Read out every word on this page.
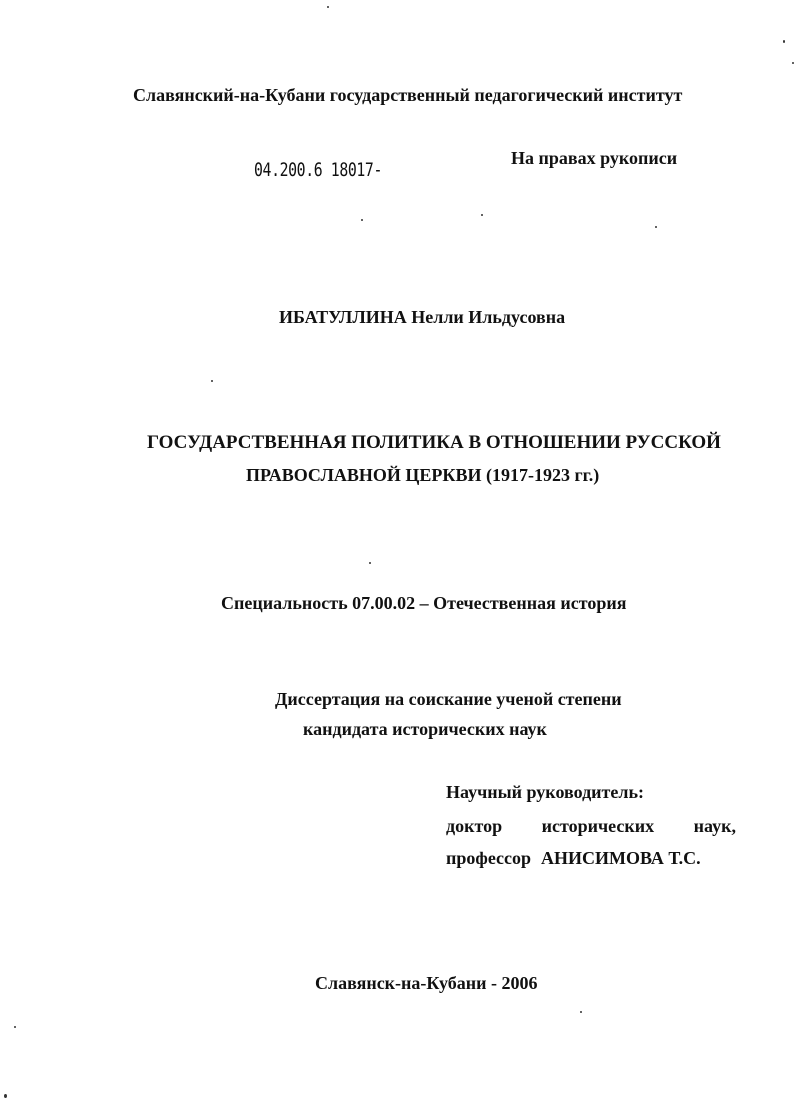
Славянский-на-Кубани государственный педагогический институт
04.200.6 18017-
На правах рукописи
ИБАТУЛЛИНА Нелли Ильдусовна
ГОСУДАРСТВЕННАЯ ПОЛИТИКА В ОТНОШЕНИИ РУССКОЙ
ПРАВОСЛАВНОЙ ЦЕРКВИ (1917-1923 гг.)
Специальность 07.00.02 – Отечественная история
Диссертация на соискание ученой степени
кандидата исторических наук
Научный руководитель:
доктор исторических наук,
профессор АНИСИМОВА Т.С.
Славянск-на-Кубани - 2006
